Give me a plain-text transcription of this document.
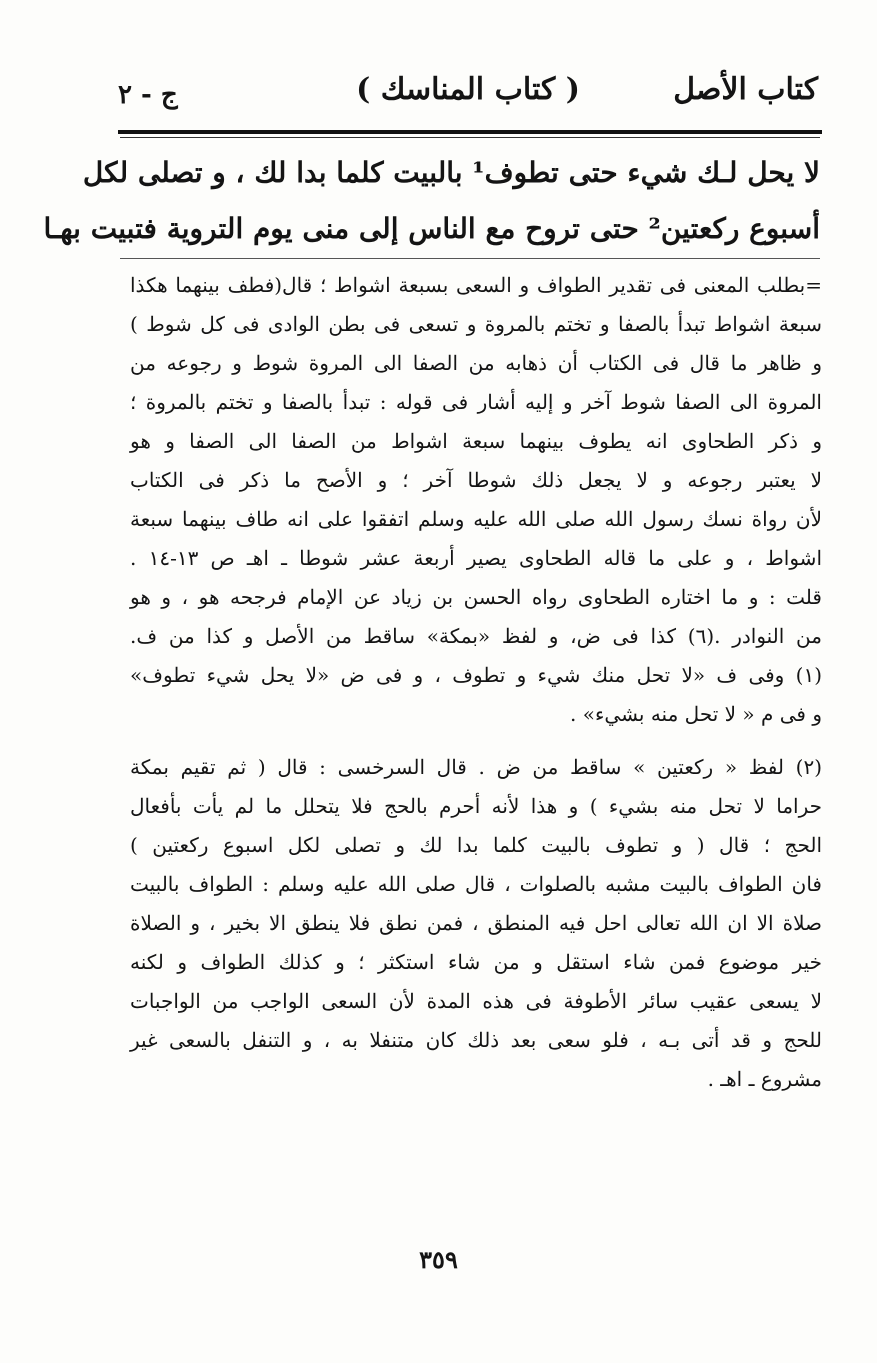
كتاب الأصل
( كتاب المناسك )
ج - ٢
لا يحل لـك شيء حتى تطوف¹ بالبيت كلما بدا لك ، و تصلى لكل
أسبوع ركعتين² حتى تروح مع الناس إلى منى يوم التروية فتبيت بهـا
=بطلب المعنى فى تقدير الطواف و السعى بسبعة اشواط ؛ قال(فطف بينهما هكذا
سبعة اشواط تبدأ بالصفا و تختم بالمروة و تسعى فى بطن الوادى فى كل شوط )
و ظاهر ما قال فى الكتاب أن ذهابه من الصفا الى المروة شوط و رجوعه من
المروة الى الصفا شوط آخر و إليه أشار فى قوله : تبدأ بالصفا و تختم بالمروة ؛
و ذكر الطحاوى انه يطوف بينهما سبعة اشواط من الصفا الى الصفا و هو
لا يعتبر رجوعه و لا يجعل ذلك شوطا آخر ؛ و الأصح ما ذكر فى الكتاب
لأن رواة نسك رسول الله صلى الله عليه وسلم اتفقوا على انه طاف بينهما سبعة
اشواط ، و على ما قاله الطحاوى يصير أربعة عشر شوطا ـ اهـ ص ١٣-١٤ .
قلت : و ما اختاره الطحاوى رواه الحسن بن زياد عن الإمام فرجحه هو ، و هو
من النوادر .(٦) كذا فى ض، و لفظ «بمكة» ساقط من الأصل و كذا من ف.
(١) وفى ف «لا تحل منك شيء و تطوف ، و فى ض «لا يحل شيء تطوف»
و فى م « لا تحل منه بشيء» .
(٢) لفظ « ركعتين » ساقط من ض . قال السرخسى : قال ( ثم تقيم بمكة
حراما لا تحل منه بشيء ) و هذا لأنه أحرم بالحج فلا يتحلل ما لم يأت بأفعال
الحج ؛ قال ( و تطوف بالبيت كلما بدا لك و تصلى لكل اسبوع ركعتين )
فان الطواف بالبيت مشبه بالصلوات ، قال صلى الله عليه وسلم : الطواف بالبيت
صلاة الا ان الله تعالى احل فيه المنطق ، فمن نطق فلا ينطق الا بخير ، و الصلاة
خير موضوع فمن شاء استقل و من شاء استكثر ؛ و كذلك الطواف و لكنه
لا يسعى عقيب سائر الأطوفة فى هذه المدة لأن السعى الواجب من الواجبات
للحج و قد أتى بـه ، فلو سعى بعد ذلك كان متنفلا به ، و التنفل بالسعى غير
مشروع ـ اهـ .
٣٥٩
